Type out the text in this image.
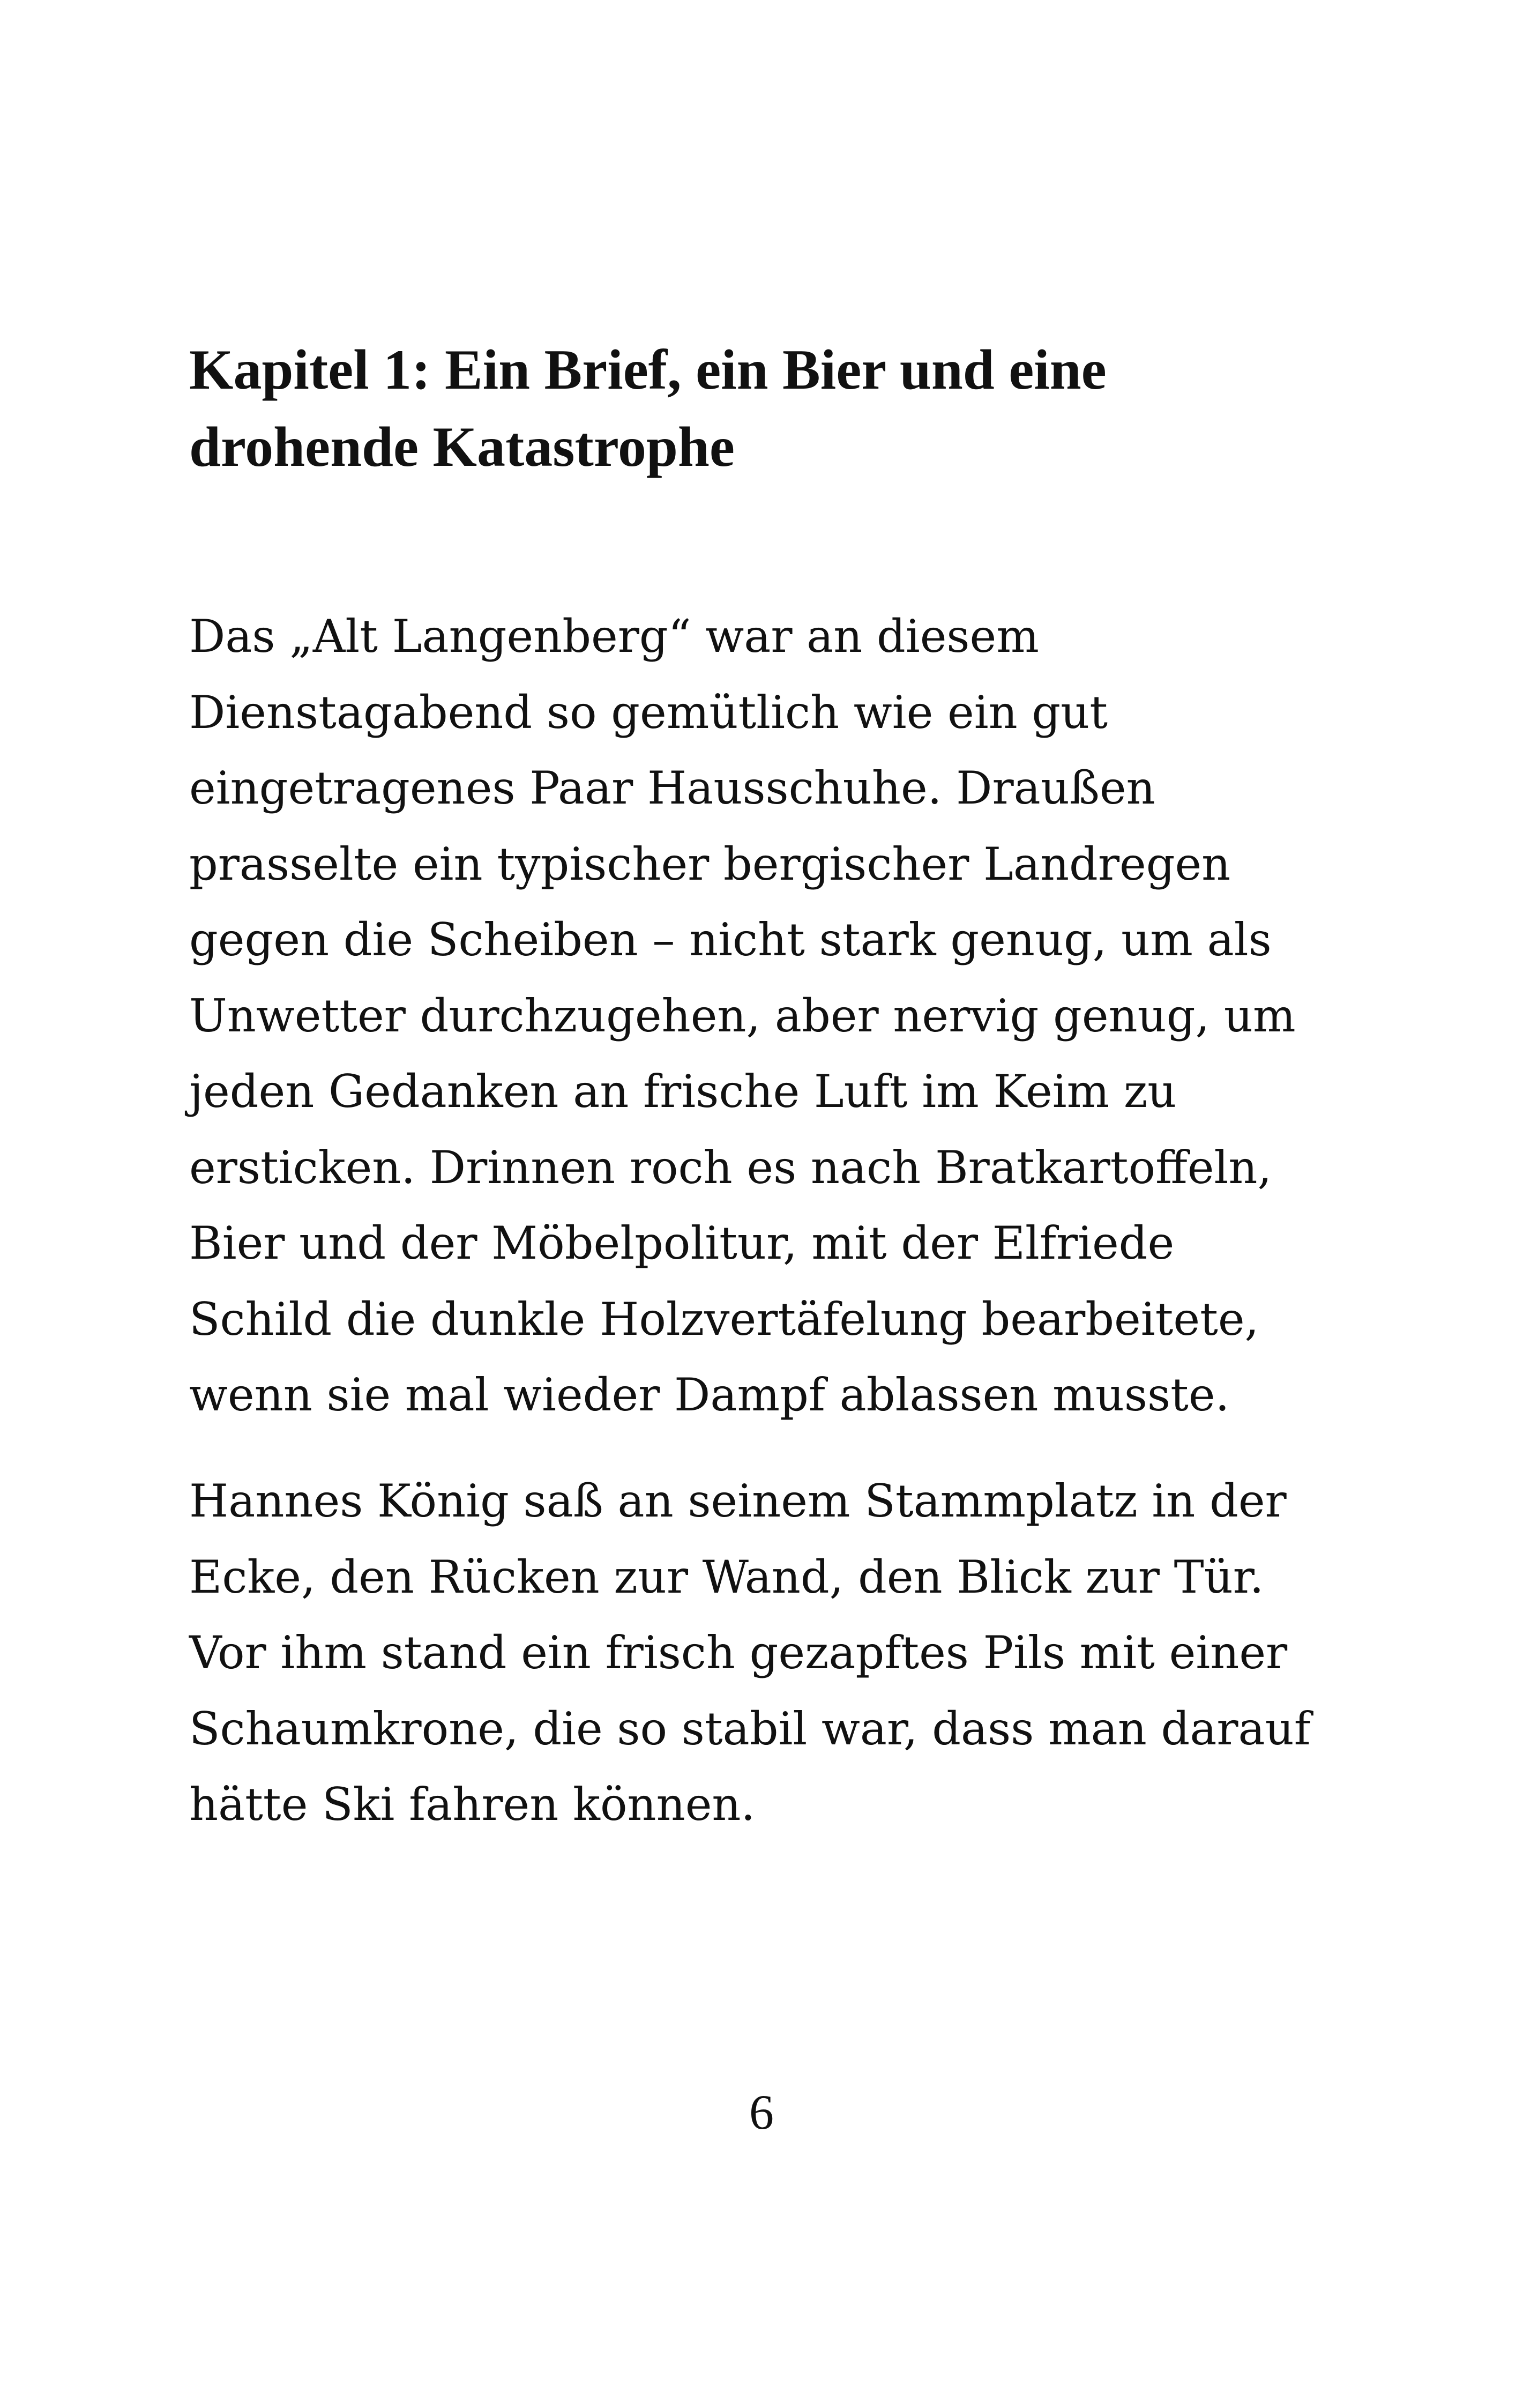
Kapitel 1: Ein Brief, ein Bier und eine
drohende Katastrophe
Das „Alt Langenberg“ war an diesem
Dienstagabend so gemütlich wie ein gut
eingetragenes Paar Hausschuhe. Draußen
prasselte ein typischer bergischer Landregen
gegen die Scheiben – nicht stark genug, um als
Unwetter durchzugehen, aber nervig genug, um
jeden Gedanken an frische Luft im Keim zu
ersticken. Drinnen roch es nach Bratkartoffeln,
Bier und der Möbelpolitur, mit der Elfriede
Schild die dunkle Holzvertäfelung bearbeitete,
wenn sie mal wieder Dampf ablassen musste.
Hannes König saß an seinem Stammplatz in der
Ecke, den Rücken zur Wand, den Blick zur Tür.
Vor ihm stand ein frisch gezapftes Pils mit einer
Schaumkrone, die so stabil war, dass man darauf
hätte Ski fahren können.
6
